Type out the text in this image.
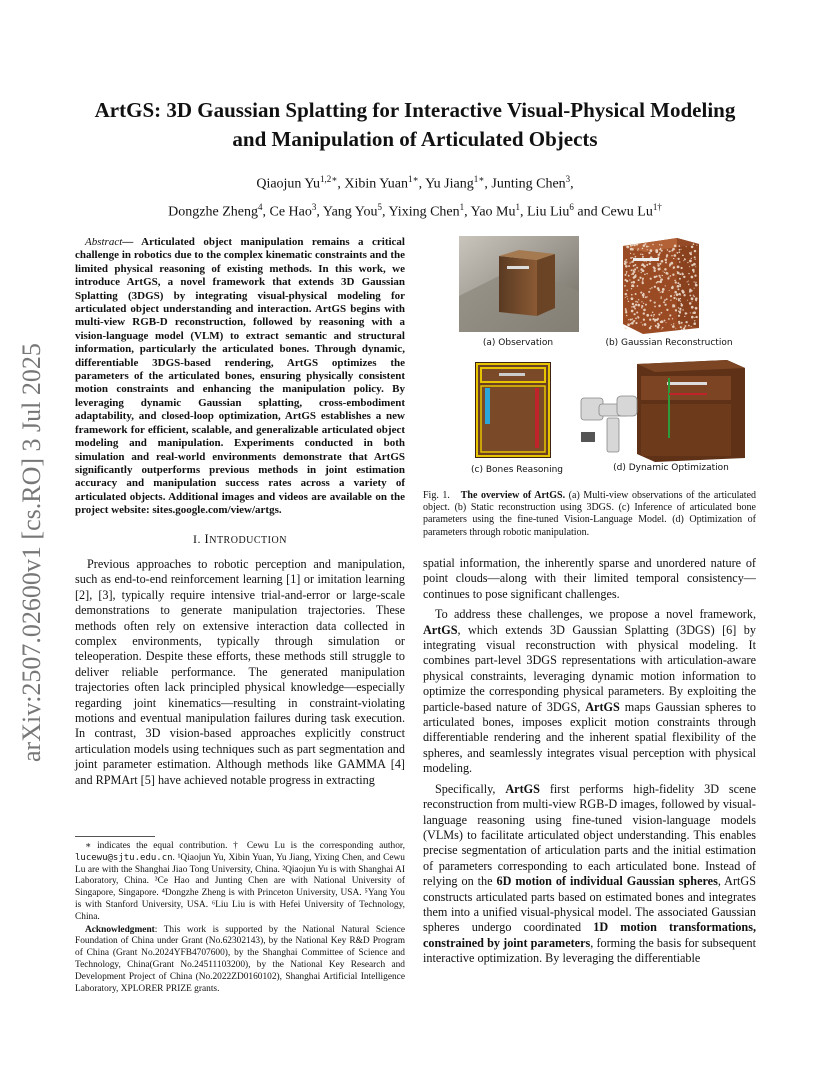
arXiv:2507.02600v1 [cs.RO] 3 Jul 2025
ArtGS: 3D Gaussian Splatting for Interactive Visual-Physical Modeling
and Manipulation of Articulated Objects
Qiaojun $Yu^{1,2∗}$, Xibin Yuan$^{1∗}$, Yu Jiang$^{1∗}$, Junting Chen$^3$,
Dongzhe Zheng$^4$, Ce Hao$^3$, Yang You$^5$, Yixing Chen$^1$, Yao Mu$^1$, Liu Liu$^6$ and Cewu $Lu^{1\dagger}$

Abstract— Articulated object manipulation remains a critical challenge in robotics due to the complex kinematic constraints and the limited physical reasoning of existing methods. In this work, we introduce ArtGS, a novel framework that extends 3D Gaussian Splatting (3DGS) by integrating visual-physical modeling for articulated object understanding and interaction. ArtGS begins with multi-view RGB-D reconstruction, followed by reasoning with a vision-language model (VLM) to extract semantic and structural information, particularly the articulated bones. Through dynamic, differentiable 3DGS-based rendering, ArtGS optimizes the parameters of the articulated bones, ensuring physically consistent motion constraints and enhancing the manipulation policy. By leveraging dynamic Gaussian splatting, cross-embodiment adaptability, and closed-loop optimization, ArtGS establishes a new framework for efficient, scalable, and generalizable articulated object modeling and manipulation. Experiments conducted in both simulation and real-world environments demonstrate that ArtGS significantly outperforms previous methods in joint estimation accuracy and manipulation success rates across a variety of articulated objects. Additional images and videos are available on the project website: sites.google.com/view/artgs.

I. INTRODUCTION

Previous approaches to robotic perception and manipulation, such as end-to-end reinforcement learning [1] or imitation learning [2], [3], typically require intensive trial-and-error or large-scale demonstrations to generate manipulation trajectories. These methods often rely on extensive interaction data collected in complex environments, typically through simulation or teleoperation. Despite these efforts, these methods still struggle to deliver reliable performance. The generated manipulation trajectories often lack principled physical knowledge—especially regarding joint kinematics—resulting in constraint-violating motions and eventual manipulation failures during task execution. In contrast, 3D vision-based approaches explicitly construct articulation models using techniques such as part segmentation and joint parameter estimation. Although methods like GAMMA [4] and RPMArt [5] have achieved notable progress in extracting

∗ indicates the equal contribution. † Cewu Lu is the corresponding author, lucewu@sjtu.edu.cn. ¹Qiaojun Yu, Xibin Yuan, Yu Jiang, Yixing Chen, and Cewu Lu are with the Shanghai Jiao Tong University, China. ²Qiaojun Yu is with Shanghai AI Laboratory, China. ³Ce Hao and Junting Chen are with National University of Singapore, Singapore. ⁴Dongzhe Zheng is with Princeton University, USA. ⁵Yang You is with Stanford University, USA. ⁶Liu Liu is with Hefei University of Technology, China.

Acknowledgment: This work is supported by the National Natural Science Foundation of China under Grant (No.62302143), by the National Key R&D Program of China (Grant No.2024YFB4707600), by the Shanghai Committee of Science and Technology, China(Grant No.24511103200), by the National Key Research and Development Project of China (No.2022ZD0160102), Shanghai Artificial Intelligence Laboratory, XPLORER PRIZE grants.

(a) Observation	(b) Gaussian Reconstruction
(c) Bones Reasoning	(d) Dynamic Optimization
Fig. 1. The overview of ArtGS. (a) Multi-view observations of the articulated object. (b) Static reconstruction using 3DGS. (c) Inference of articulated bone parameters using the fine-tuned Vision-Language Model. (d) Optimization of parameters through robotic manipulation.

spatial information, the inherently sparse and unordered nature of point clouds—along with their limited temporal consistency—continues to pose significant challenges.

To address these challenges, we propose a novel framework, ArtGS, which extends 3D Gaussian Splatting (3DGS) [6] by integrating visual reconstruction with physical modeling. It combines part-level 3DGS representations with articulation-aware physical constraints, leveraging dynamic motion information to optimize the corresponding physical parameters. By exploiting the particle-based nature of 3DGS, ArtGS maps Gaussian spheres to articulated bones, imposes explicit motion constraints through differentiable rendering and the inherent spatial flexibility of the spheres, and seamlessly integrates visual perception with physical modeling.

Specifically, ArtGS first performs high-fidelity 3D scene reconstruction from multi-view RGB-D images, followed by visual-language reasoning using fine-tuned vision-language models (VLMs) to facilitate articulated object understanding. This enables precise segmentation of articulation parts and the initial estimation of parameters corresponding to each articulated bone. Instead of relying on the 6D motion of individual Gaussian spheres, ArtGS constructs articulated parts based on estimated bones and integrates them into a unified visual-physical model. The associated Gaussian spheres undergo coordinated 1D motion transformations, constrained by joint parameters, forming the basis for subsequent interactive optimization. By leveraging the differentiable
